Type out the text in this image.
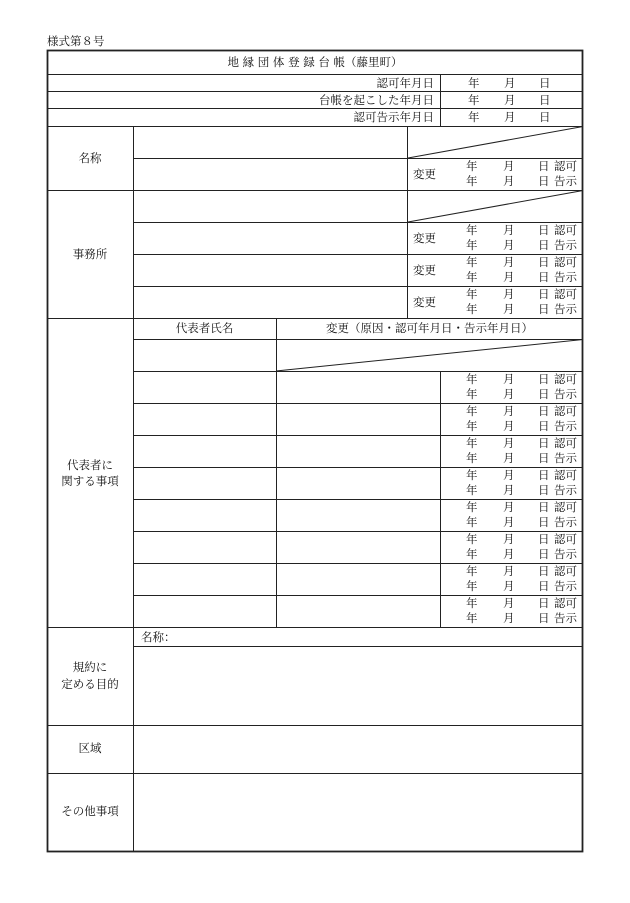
様式第８号
地 縁 団 体 登 録 台 帳（藤里町）
認可年月日
台帳を起こした年月日
認可告示年月日
年 月 日
年 月 日
年 月 日
名称
事務所
代表者に
関する事項
規約に
定める目的
区域
その他事項
代表者氏名	変更（原因・認可年月日・告示年月日）
名称：
変更
年 月 日 認可
年 月 日 告示
変更
年 月 日 認可
年 月 日 告示
変更
年 月 日 認可
年 月 日 告示
変更
年 月 日 認可
年 月 日 告示
年 月 日 認可
年 月 日 告示
年 月 日 認可
年 月 日 告示
年 月 日 認可
年 月 日 告示
年 月 日 認可
年 月 日 告示
年 月 日 認可
年 月 日 告示
年 月 日 認可
年 月 日 告示
年 月 日 認可
年 月 日 告示
年 月 日 認可
年 月 日 告示
